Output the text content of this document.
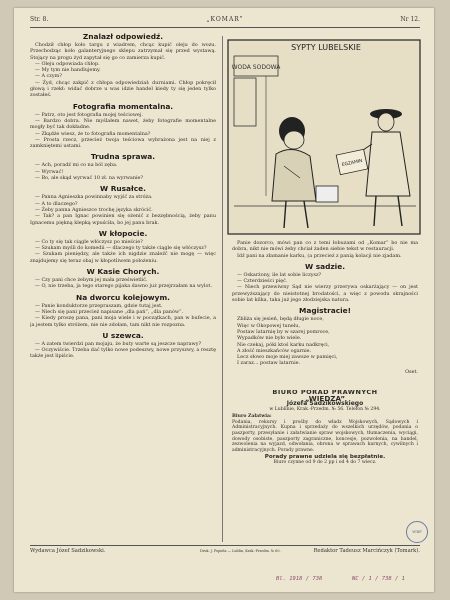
Str. 8.	„KOMAR”	Nr 12.
Znalazł odpowiedź.

Chodził chłop koło targu z wiadrem, chcąc kupić oleju do wozu. Przechodząc koło galanteryjnego sklepu zatrzymał się przed wystawą. Stojący na progu żyd zapytał się go co zamierza kupić.

— Oleju odpowiada chłop.

— My tym nie handlujemy.

— A czym?

— Żyd, chcąc zakpić z chłopa odpowiedział: durniami. Chłop pokręcił głową i rzekł: widać dobrze u was idzie handel kiedy ty się jeden tylko zostałeś.

Fotografia momentalna.

— Patrz, oto jest fotografia mojej teściowej.

— Bardzo dobra. Nie myślałem nawet, żeby fotografie momentalne mogły być tak dokładne.

— Zkądże wiesz, że to fotografia momentalna?

— Prosta rzecz, przecież twoja teściowa wybrażona jest na niej z zamkniętemi ustami.

Trudna sprawa.

— Ach, poradź mi co na ból zęba.

— Wyrwać!

— Bo, ale skąd wyrwać 10 zł. na wyrwanie?

W Rusałce.

— Panna Agnieszka powinnaby wyjść za stróża.

— A to dlaczego?

— Żeby panna Agnieszce trochę języka skrócić.

— Tak? a pan Ignac powinien się ożenić z bezzębnością, żeby panu Ignacemu piękną klepką wpuściła, bo jej panu brak.

W kłopocie.

— Co ty się tak ciągle włóczysz po mieście?

— Szukam myśli do komedii — dlaczego ty także ciągle się włóczysz?

— Szukam pieniędzy, ale także ich nigdzie znaleźć nie mogę — więc znajdujemy się teraz obaj w kłopotliwem położeniu.

W Kasie Chorych.

— Czy pani chce żebym jej mała prześwietlić.

— O, nie trzeba, ja tego starego pijaka dawno już przejrzałam na wylot.

Na dworcu kolejowym.

— Panie konduktorze przepraszam, gdzie tutaj jest.

— Niech się pani przecież napisane „dla pań”, „dla panów”.

— Kiedy proszę pana, pani moja wiele i w początkach, pan w bufecie, a ja jestem tylko stróżem, nie nie zdołam, tam nikt nie rozpozna.

U szewca.

— A zatem twierdzi pan mojaju, że buty warte są jeszcze naprawy?

— Oczywiście. Trzeba dać tylko nowe podeszwy, nowe przyszwy, a resztę także jest lipiście.

SYPTY LUBELSKIE
WODA SODOWA
EGZAMIN

Panie dozorco, mówi pan co z temi łobuzami od „Komar” bo nie ma dobra, nikt nie mówi żeby chciał żaden siebie tekst w restauracji.

Idź pani na złamanie karku, (a przecież z panią kolacji nie zjadam.

W sadzie.

— Oskarżony, ile lat sobie liczysz?

— Czterdzieści pięć.

— Niech przewiwny Sąd nie wierzy przerywa oskarżający — on jest przewyższający do nieistotnej brodatości, a więc z powodu skrajności sobie lat kilka, taka już jego złodziejska natura.

Magistracie!

Zbliża się jesień, będą długie noce,

Więc w Okopowej tunelu,

Postaw latarnię by w szarej pomroce,

Wypadków nie było wiele.

Nie czekaj, póki ktoś karku nadkręci,

A złość mieszkańców ogarnie.

Lecz słowo moje miej zawsze w pamięci,

I zaraz... postaw latarnie.

Oset.
BIURO PORAD PRAWNYCH
„WIEDZA”
Józefa Sadzikowskiego
w Lublinie, Krak.-Przedm. № 56. Telefon № 294.
Biuro Załatwia:

Podania, rekursy i prośby do władz Wojskowych, Sądowych i Administracyjnych. Kupna i sprzedaży do wszelkich urzędów, podania o paszporty, przesyłanie i załatwianie spraw wojskowych, tłumaczenia, wyciągi, dowody osobiste, paszporty zagraniczne, koncesje, pozwolenia, na handel, zezwolenia na wyjazd, odwołania, obrona w sprawach karnych, cywilnych i administracyjnych. Porady prawne.

Porady prawne udziela się bezpłatnie.
Biuro czynne od 9 do 2 pp i od 4 do 7 wiecz.
Wydawca Józef Sadzikowski.	Druk. J. Popiela — Lublin, Krak.-Przedm. № 60.	Redaktor Tadeusz Marcińczyk (Tomark).
WBP
Bl. 1918 / 738	NC / 1 / 738 / 1
